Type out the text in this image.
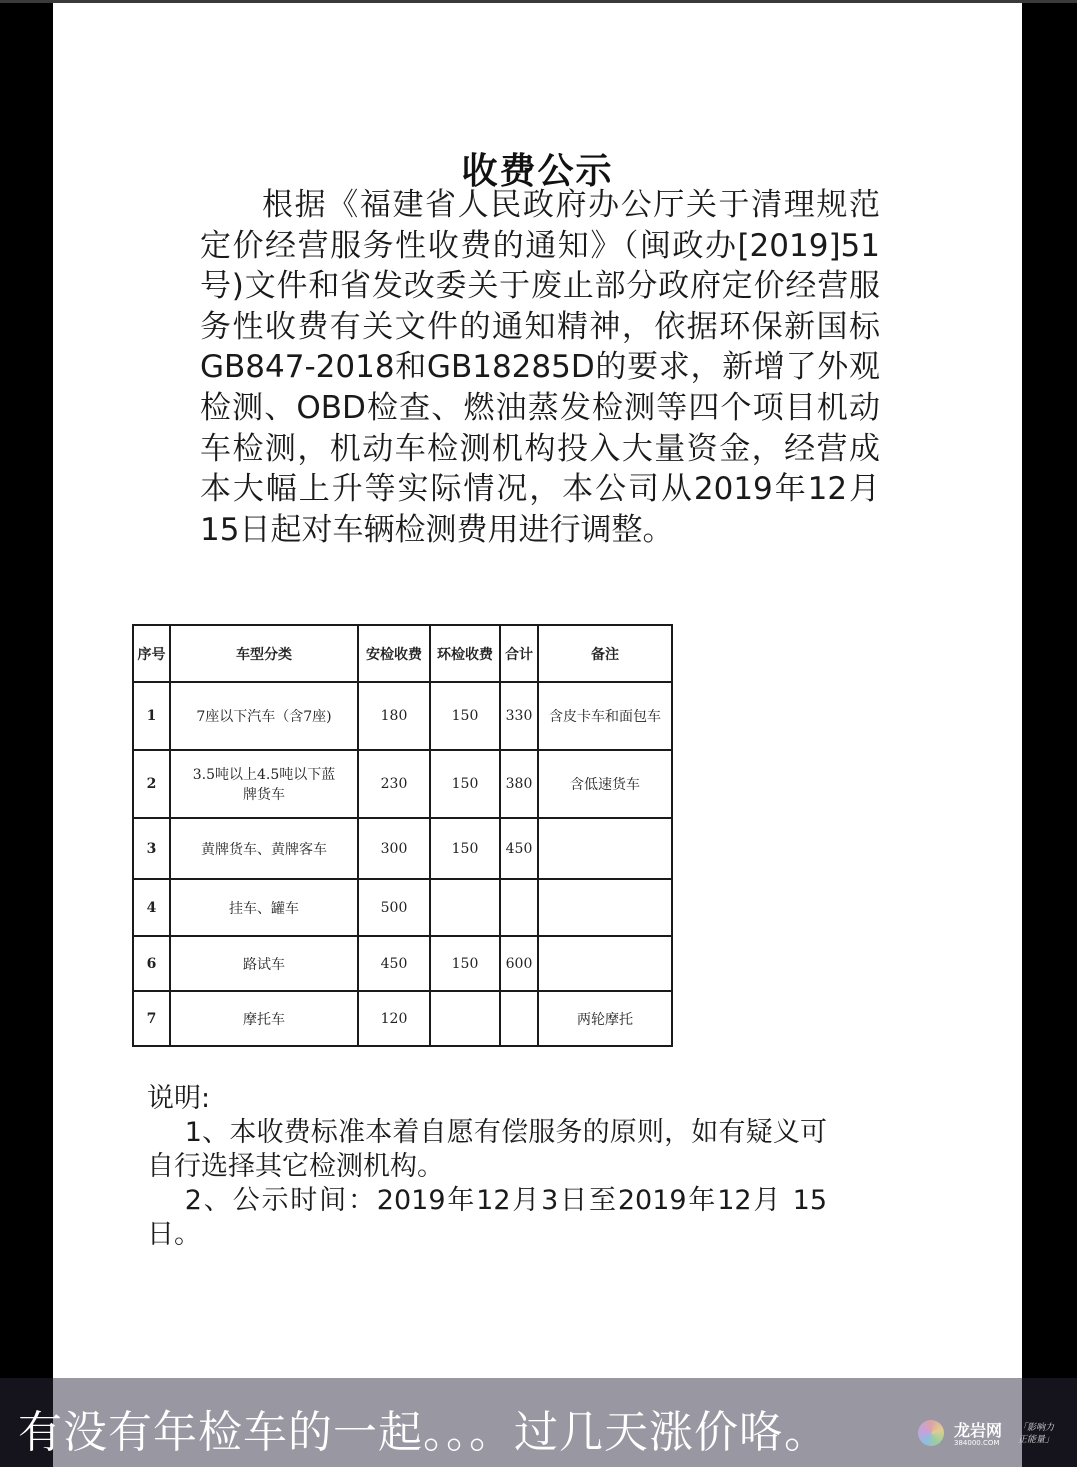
收费公示

根据《福建省人民政府办公厅关于清理规范定价经营服务性收费的通知》（闽政办[2019]51号)文件和省发改委关于废止部分政府定价经营服务性收费有关文件的通知精神，依据环保新国标GB847-2018和GB18285D的要求，新增了外观检测、OBD检查、燃油蒸发检测等四个项目机动车检测，机动车检测机构投入大量资金，经营成本大幅上升等实际情况，本公司从2019年12月15日起对车辆检测费用进行调整。

序号	车型分类	安检收费	环检收费	合计	备注
1	7座以下汽车（含7座)	180	150	330	含皮卡车和面包车
2	3.5吨以上4.5吨以下蓝牌货车	230	150	380	含低速货车
3	黄牌货车、黄牌客车	300	150	450	
4	挂车、罐车	500			
6	路试车	450	150	600	
7	摩托车	120			两轮摩托

说明:

1、本收费标准本着自愿有偿服务的原则，如有疑义可自行选择其它检测机构。

2、公示时间：2019年12月3日至2019年12月 15日。

有没有年检车的一起。。。过几天涨价咯。	龙岩网
384000.COM
「影响力
正能量」
